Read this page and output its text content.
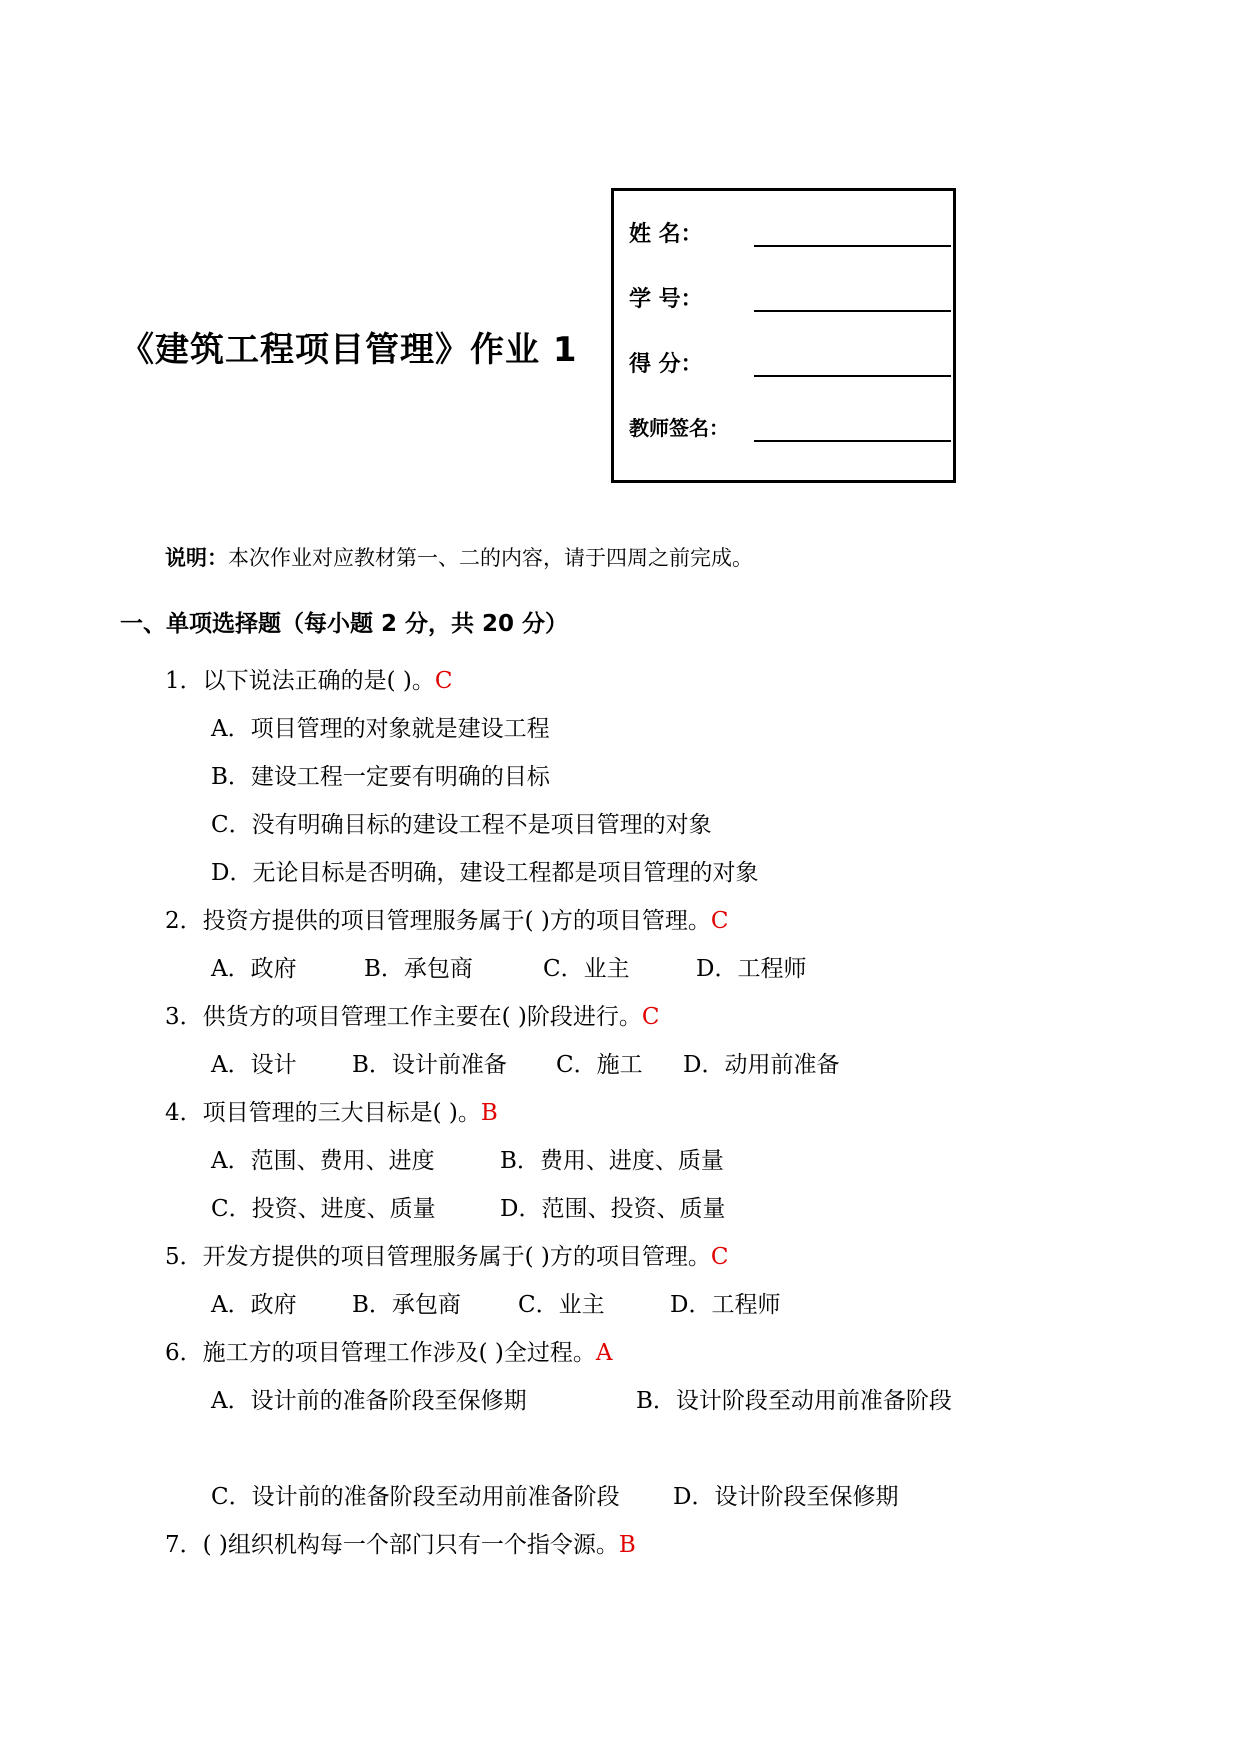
《建筑工程项目管理》作业 1
姓 名：
学 号：
得 分：
教师签名：
说明：本次作业对应教材第一、二的内容，请于四周之前完成。
一、单项选择题（每小题 2 分，共 20 分）
1．以下说法正确的是( )。C
A．项目管理的对象就是建设工程
B．建设工程一定要有明确的目标
C．没有明确目标的建设工程不是项目管理的对象
D．无论目标是否明确，建设工程都是项目管理的对象
2．投资方提供的项目管理服务属于( )方的项目管理。C
A．政府	B．承包商	C．业主	D．工程师
3．供货方的项目管理工作主要在( )阶段进行。C
A．设计 B．设计前准备 C．施工 D．动用前准备
4．项目管理的三大目标是( )。B
A．范围、费用、进度	B．费用、进度、质量
C．投资、进度、质量	D．范围、投资、质量
5．开发方提供的项目管理服务属于( )方的项目管理。C
A．政府 B．承包商 C．业主	D．工程师
6．施工方的项目管理工作涉及( )全过程。A
A．设计前的准备阶段至保修期	B．设计阶段至动用前准备阶段
C．设计前的准备阶段至动用前准备阶段 D．设计阶段至保修期
7．( )组织机构每一个部门只有一个指令源。B
